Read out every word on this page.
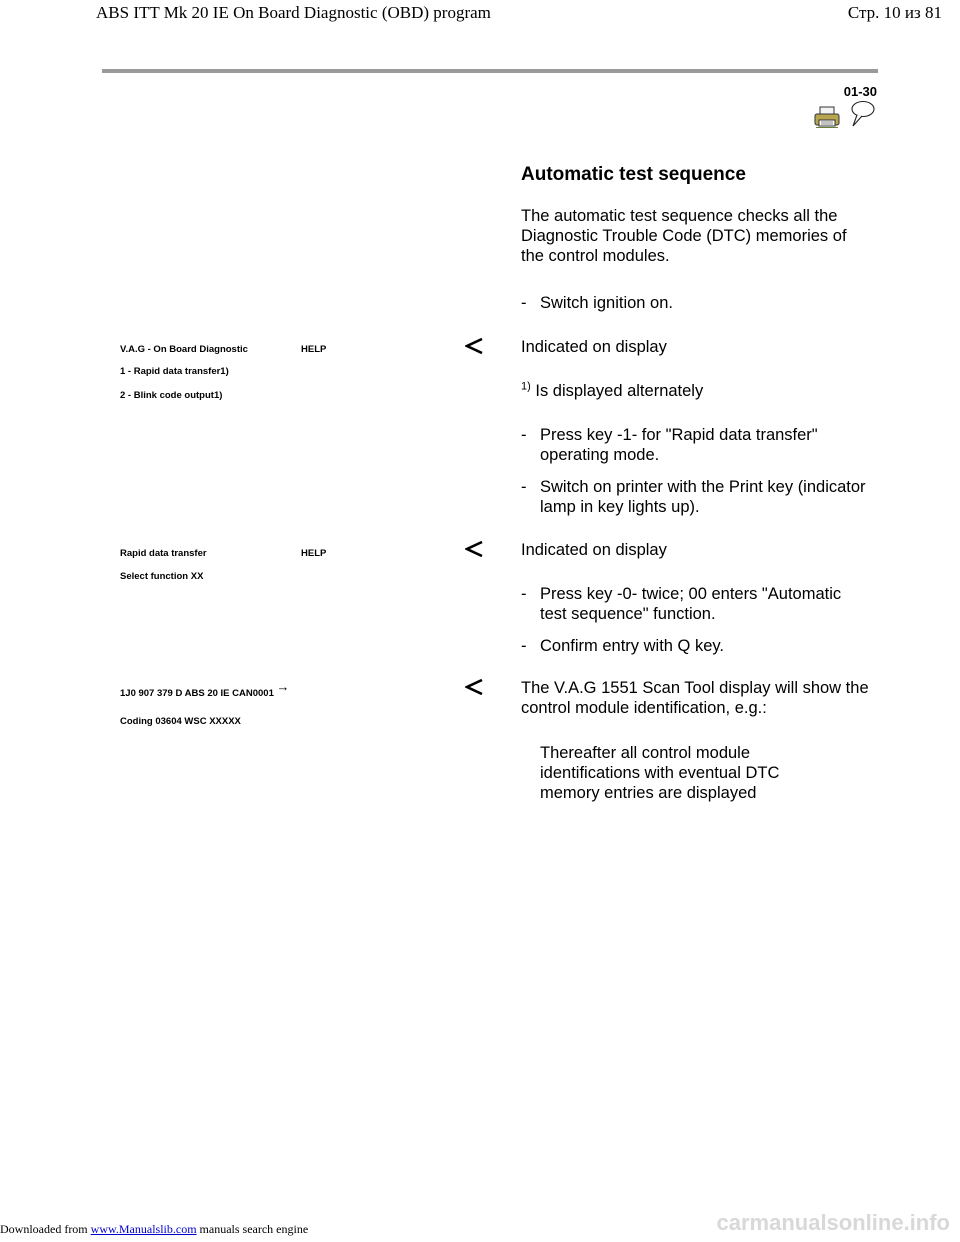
ABS ITT Mk 20 IE On Board Diagnostic (OBD) program	Стр. 10 из 81
01-30
Automatic test sequence
The automatic test sequence checks all the Diagnostic Trouble Code (DTC) memories of the control modules.
- Switch ignition on.
V.A.G - On Board Diagnostic	HELP
1 - Rapid data transfer1)
2 - Blink code output1)
Indicated on display
$^{1)}$ Is displayed alternately
- Press key -1- for "Rapid data transfer" operating mode.
- Switch on printer with the Print key (indicator lamp in key lights up).
Rapid data transfer	HELP
Select function XX
Indicated on display
- Press key -0- twice; 00 enters "Automatic test sequence" function.
- Confirm entry with Q key.
1J0 907 379 D ABS 20 IE CAN0001 →
Coding 03604 WSC XXXXX
The V.A.G 1551 Scan Tool display will show the control module identification, e.g.:
Thereafter all control module identifications with eventual DTC memory entries are displayed
Downloaded from www.Manualslib.com manuals search engine	carmanualsonline.info
